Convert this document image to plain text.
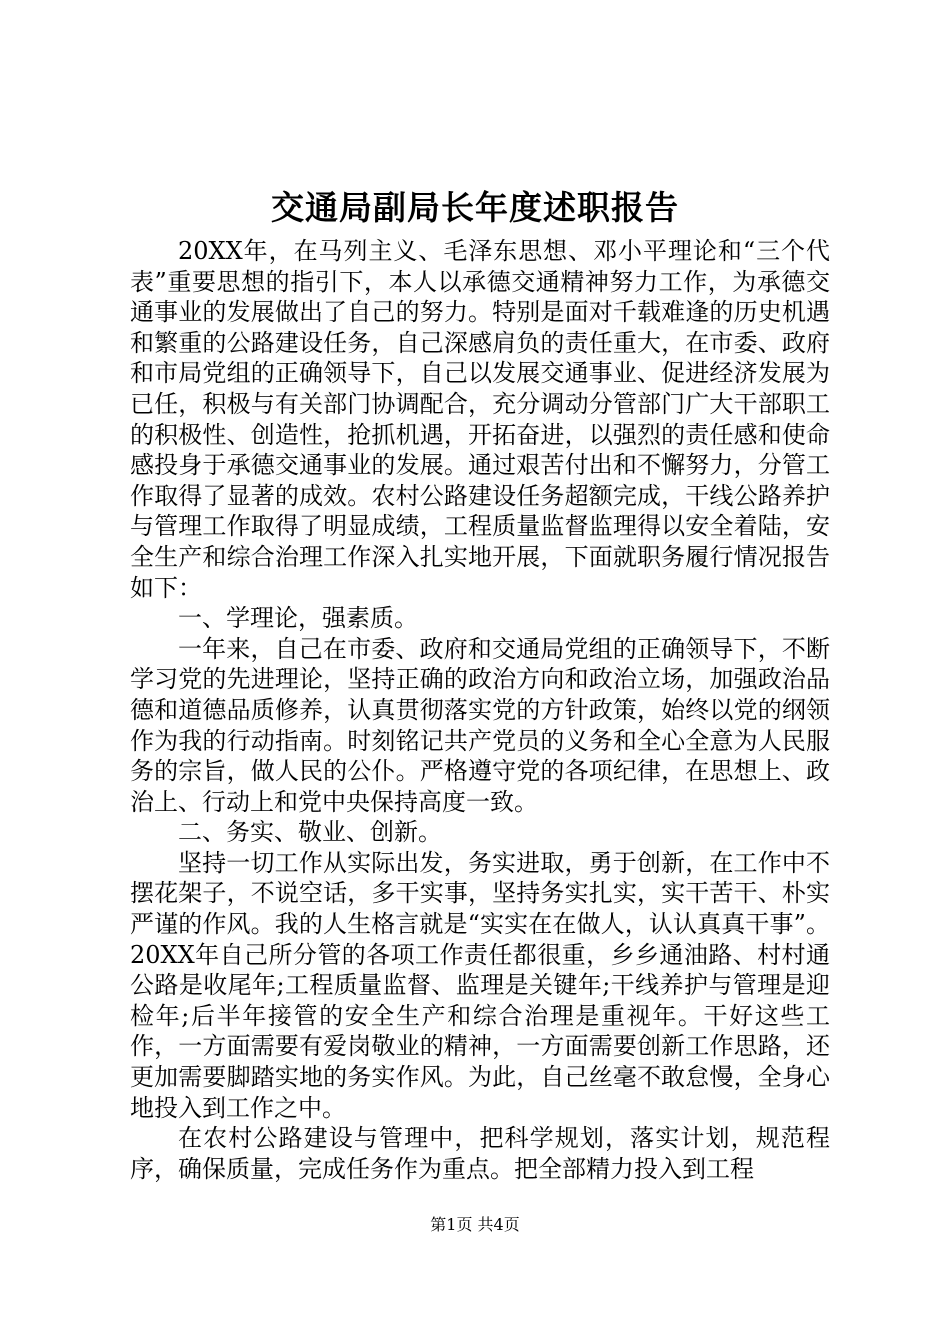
交通局副局长年度述职报告

20XX年，在马列主义、毛泽东思想、邓小平理论和“三个代表”重要思想的指引下，本人以承德交通精神努力工作，为承德交通事业的发展做出了自己的努力。特别是面对千载难逢的历史机遇和繁重的公路建设任务，自己深感肩负的责任重大，在市委、政府和市局党组的正确领导下，自己以发展交通事业、促进经济发展为已任，积极与有关部门协调配合，充分调动分管部门广大干部职工的积极性、创造性，抢抓机遇，开拓奋进，以强烈的责任感和使命感投身于承德交通事业的发展。通过艰苦付出和不懈努力，分管工作取得了显著的成效。农村公路建设任务超额完成，干线公路养护与管理工作取得了明显成绩，工程质量监督监理得以安全着陆，安全生产和综合治理工作深入扎实地开展，下面就职务履行情况报告如下：

一、学理论，强素质。

一年来，自己在市委、政府和交通局党组的正确领导下，不断学习党的先进理论，坚持正确的政治方向和政治立场，加强政治品德和道德品质修养，认真贯彻落实党的方针政策，始终以党的纲领作为我的行动指南。时刻铭记共产党员的义务和全心全意为人民服务的宗旨，做人民的公仆。严格遵守党的各项纪律，在思想上、政治上、行动上和党中央保持高度一致。

二、务实、敬业、创新。

坚持一切工作从实际出发，务实进取，勇于创新，在工作中不摆花架子，不说空话，多干实事，坚持务实扎实，实干苦干、朴实严谨的作风。我的人生格言就是“实实在在做人，认认真真干事”。20XX年自己所分管的各项工作责任都很重，乡乡通油路、村村通公路是收尾年;工程质量监督、监理是关键年;干线养护与管理是迎检年;后半年接管的安全生产和综合治理是重视年。干好这些工作，一方面需要有爱岗敬业的精神，一方面需要创新工作思路，还更加需要脚踏实地的务实作风。为此，自己丝毫不敢怠慢，全身心地投入到工作之中。

在农村公路建设与管理中，把科学规划，落实计划，规范程序，确保质量，完成任务作为重点。把全部精力投入到工程

第1页 共4页
